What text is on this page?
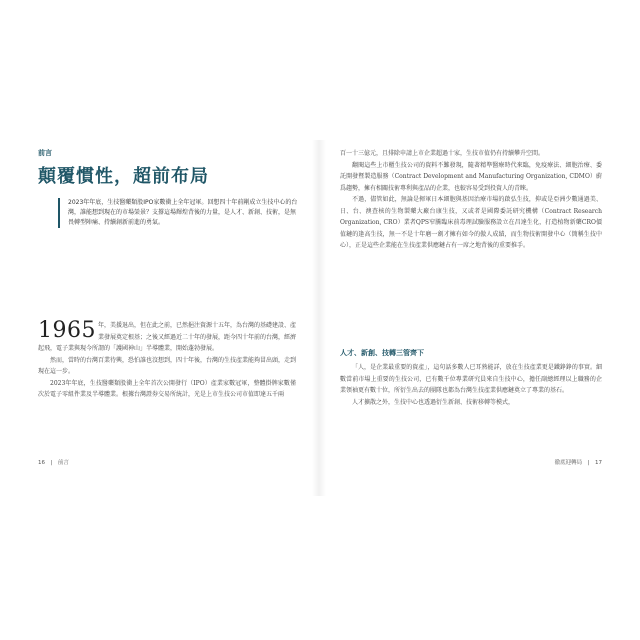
前言
顛覆慣性，超前布局

2023年年底，生技醫藥類股IPO家數衝上全年冠軍。回想四十年前剛成立生技中心的台灣，誰能想到現在的市場榮景？支撐這場輝煌背後的力量，是人才、新創、技術，是無畏轉型陣痛、持續創新前進的勇氣。

1965 年，美援退出，但在此之前，已然挹注資源十五年，為台灣的基礎建設、產業發展奠定根基；之後又經過近二十年的發展，距今四十年前的台灣，經濟起飛，電子業與現今所謂的「護國神山」半導體業，開始蓬勃發展。

然而，當時的台灣百業待興，恐怕誰也沒想到，四十年後，台灣的生技產業能夠冒出頭，走到現在這一步。

2023年年底，生技醫藥類股衝上全年首次公開發行（IPO）產業家數冠軍，整體掛牌家數僅次於電子零組件業及半導體業。根據台灣證券交易所統計，光是上市生技公司市值即達五千兩

16　|　前言

百一十三億元，且排除申請上市企業超過十家，生技市值仍有持續攀升空間。

翻閱這些上市櫃生技公司的資料不難發現，隨著精準醫療時代來臨，免疫療法、細胞治療、委託開發暨製造服務（Contract Development and Manufacturing Organization, CDMO）蔚爲趨勢，擁有相關技術專利與產品的企業，也較容易受到投資人的青睞。

不過，儘管如此，無論是揮軍日本細胞與基因治療市場的啟弘生技，抑或是亞洲少數通過美、日、台、澳查核的生物製藥大廠台康生技，又或者是國際委託研究機構（Contract Research Organization, CRO）業者QPS窄騰臨床前毒理試驗服務設立在昌達生化，打造植物新藥CRO價值鏈的逢高生技，無一不是十年磨一劍才擁有如今的傲人成績，而生物技術開發中心（簡稱生技中心），正是這些企業能在生技產業供應鏈占有一席之地背後的重要推手。

人才、新創、技轉三管齊下

「人，是企業最重要的資產」，這句話多數人已耳熟能詳，放在生技產業更是鐵錚錚的事實。細數當前市場上重要的生技公司，已有數千位專業研究員來自生技中心，擔任副總經理以上職務的企業領袖更有數十位，所衍生出去的團隊也都為台灣生技產業供應鏈奠立了專業的基石。

人才擴散之外，生技中心也透過衍生新創、技術移轉等模式，

徹底迎轉局　|　17
